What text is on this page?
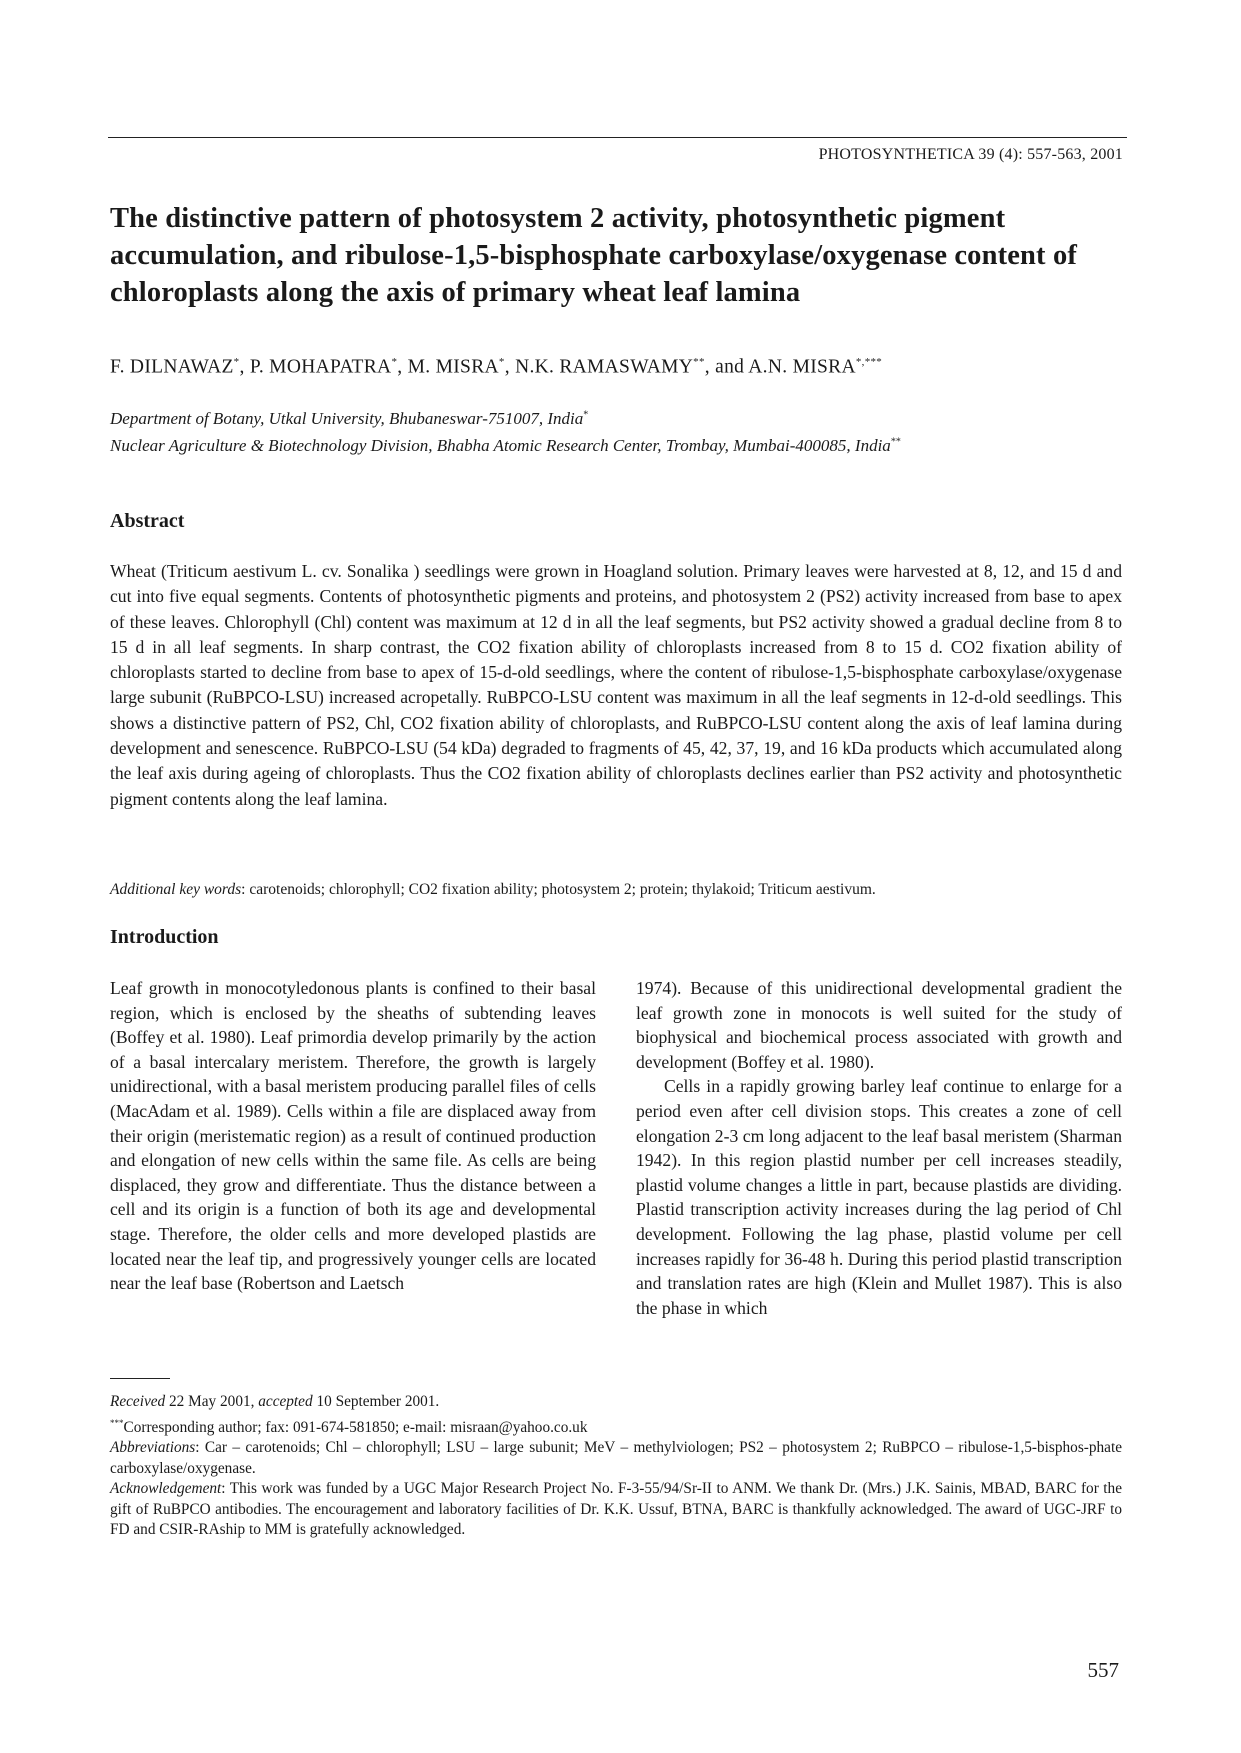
PHOTOSYNTHETICA 39 (4): 557-563, 2001
The distinctive pattern of photosystem 2 activity, photosynthetic pigment accumulation, and ribulose-1,5-bisphosphate carboxylase/oxygenase content of chloroplasts along the axis of primary wheat leaf lamina
F. DILNAWAZ*, P. MOHAPATRA*, M. MISRA*, N.K. RAMASWAMY**, and A.N. MISRA*,***
Department of Botany, Utkal University, Bhubaneswar-751007, India*
Nuclear Agriculture & Biotechnology Division, Bhabha Atomic Research Center, Trombay, Mumbai-400085, India**
Abstract

Wheat (Triticum aestivum L. cv. Sonalika ) seedlings were grown in Hoagland solution. Primary leaves were harvested at 8, 12, and 15 d and cut into five equal segments. Contents of photosynthetic pigments and proteins, and photosystem 2 (PS2) activity increased from base to apex of these leaves. Chlorophyll (Chl) content was maximum at 12 d in all the leaf segments, but PS2 activity showed a gradual decline from 8 to 15 d in all leaf segments. In sharp contrast, the CO2 fixation ability of chloroplasts increased from 8 to 15 d. CO2 fixation ability of chloroplasts started to decline from base to apex of 15-d-old seedlings, where the content of ribulose-1,5-bisphosphate carboxylase/oxygenase large subunit (RuBPCO-LSU) increased acropetally. RuBPCO-LSU content was maximum in all the leaf segments in 12-d-old seedlings. This shows a distinctive pattern of PS2, Chl, CO2 fixation ability of chloroplasts, and RuBPCO-LSU content along the axis of leaf lamina during development and senescence. RuBPCO-LSU (54 kDa) degraded to fragments of 45, 42, 37, 19, and 16 kDa products which accumulated along the leaf axis during ageing of chloroplasts. Thus the CO2 fixation ability of chloroplasts declines earlier than PS2 activity and photosynthetic pigment contents along the leaf lamina.

Additional key words: carotenoids; chlorophyll; CO2 fixation ability; photosystem 2; protein; thylakoid; Triticum aestivum.
Introduction

Leaf growth in monocotyledonous plants is confined to their basal region, which is enclosed by the sheaths of subtending leaves (Boffey et al. 1980). Leaf primordia develop primarily by the action of a basal intercalary meristem. Therefore, the growth is largely unidirectional, with a basal meristem producing parallel files of cells (MacAdam et al. 1989). Cells within a file are displaced away from their origin (meristematic region) as a result of continued production and elongation of new cells within the same file. As cells are being displaced, they grow and differentiate. Thus the distance between a cell and its origin is a function of both its age and developmental stage. Therefore, the older cells and more developed plastids are located near the leaf tip, and progressively younger cells are located near the leaf base (Robertson and Laetsch

1974). Because of this unidirectional developmental gradient the leaf growth zone in monocots is well suited for the study of biophysical and biochemical process associated with growth and development (Boffey et al. 1980).

Cells in a rapidly growing barley leaf continue to enlarge for a period even after cell division stops. This creates a zone of cell elongation 2-3 cm long adjacent to the leaf basal meristem (Sharman 1942). In this region plastid number per cell increases steadily, plastid volume changes a little in part, because plastids are dividing. Plastid transcription activity increases during the lag period of Chl development. Following the lag phase, plastid volume per cell increases rapidly for 36-48 h. During this period plastid transcription and translation rates are high (Klein and Mullet 1987). This is also the phase in which

Received 22 May 2001, accepted 10 September 2001.

***Corresponding author; fax: 091-674-581850; e-mail: misraan@yahoo.co.uk

Abbreviations: Car – carotenoids; Chl – chlorophyll; LSU – large subunit; MeV – methylviologen; PS2 – photosystem 2; RuBPCO – ribulose-1,5-bisphos-phate carboxylase/oxygenase.

Acknowledgement: This work was funded by a UGC Major Research Project No. F-3-55/94/Sr-II to ANM. We thank Dr. (Mrs.) J.K. Sainis, MBAD, BARC for the gift of RuBPCO antibodies. The encouragement and laboratory facilities of Dr. K.K. Ussuf, BTNA, BARC is thankfully acknowledged. The award of UGC-JRF to FD and CSIR-RAship to MM is gratefully acknowledged.

557
